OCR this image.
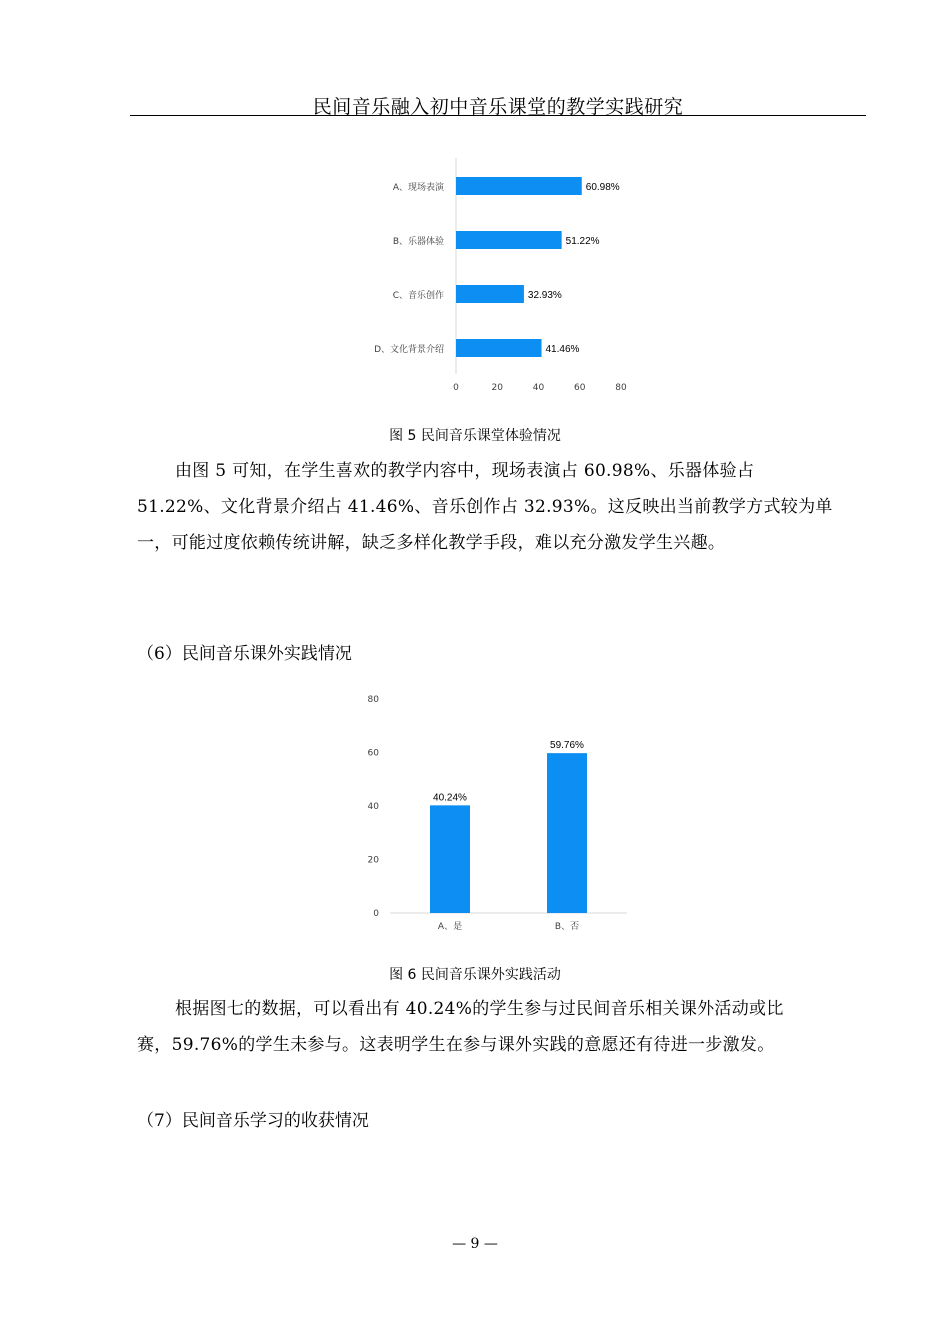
民间音乐融入初中音乐课堂的教学实践研究
A、现场表演	60.98%
B、乐器体验	51.22%
C、音乐创作	32.93%
D、文化背景介绍	41.46%
0	20	40	60	80
图 5 民间音乐课堂体验情况
由图 5 可知，在学生喜欢的教学内容中，现场表演占 60.98%、乐器体验占
51.22%、文化背景介绍占 41.46%、音乐创作占 32.93%。这反映出当前教学方式较为单
一，可能过度依赖传统讲解，缺乏多样化教学手段，难以充分激发学生兴趣。
（6）民间音乐课外实践情况
0
20
40
60
80
40.24%
A、是
59.76%
B、否
图 6 民间音乐课外实践活动
根据图七的数据，可以看出有 40.24%的学生参与过民间音乐相关课外活动或比
赛，59.76%的学生未参与。这表明学生在参与课外实践的意愿还有待进一步激发。
（7）民间音乐学习的收获情况
— 9 —
